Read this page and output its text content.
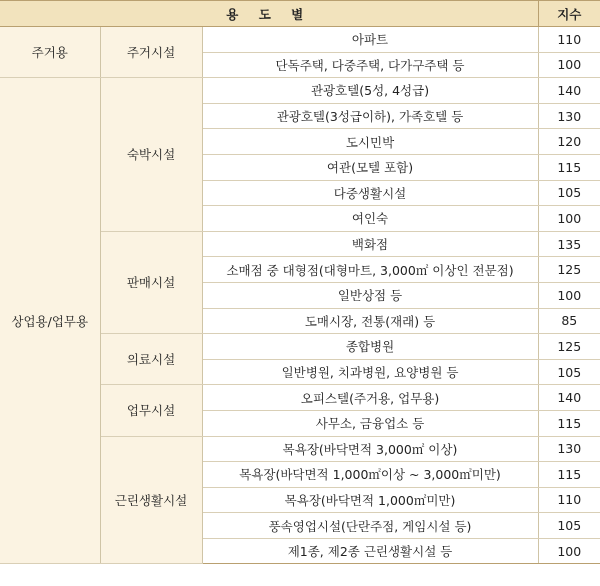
용 도 별			지수
주거용	주거시설	아파트	110
		단독주택, 다중주택, 다가구주택 등	100
상업용/업무용	숙박시설	관광호텔(5성, 4성급)	140
		관광호텔(3성급이하), 가족호텔 등	130
		도시민박	120
		여관(모텔 포함)	115
		다중생활시설	105
		여인숙	100
	판매시설	백화점	135
		소매점 중 대형점(대형마트, 3,000㎡ 이상인 전문점)	125
		일반상점 등	100
		도매시장, 전통(재래) 등	85
	의료시설	종합병원	125
		일반병원, 치과병원, 요양병원 등	105
	업무시설	오피스텔(주거용, 업무용)	140
		사무소, 금융업소 등	115
	근린생활시설	목욕장(바닥면적 3,000㎡ 이상)	130
		목욕장(바닥면적 1,000㎡이상 ~ 3,000㎡미만)	115
		목욕장(바닥면적 1,000㎡미만)	110
		풍속영업시설(단란주점, 게임시설 등)	105
		제1종, 제2종 근린생활시설 등	100
